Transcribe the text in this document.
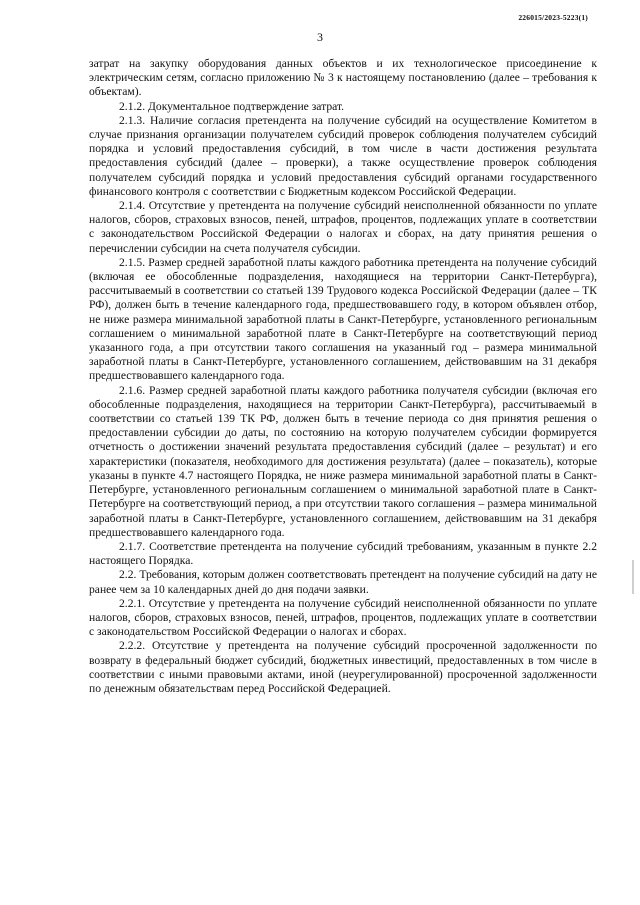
226015/2023-5223(1)
3

затрат на закупку оборудования данных объектов и их технологическое присоединение к электрическим сетям, согласно приложению № 3 к настоящему постановлению (далее – требования к объектам).

2.1.2. Документальное подтверждение затрат.

2.1.3. Наличие согласия претендента на получение субсидий на осуществление Комитетом в случае признания организации получателем субсидий проверок соблюдения получателем субсидий порядка и условий предоставления субсидий, в том числе в части достижения результата предоставления субсидий (далее – проверки), а также осуществление проверок соблюдения получателем субсидий порядка и условий предоставления субсидий органами государственного финансового контроля с соответствии с Бюджетным кодексом Российской Федерации.

2.1.4. Отсутствие у претендента на получение субсидий неисполненной обязанности по уплате налогов, сборов, страховых взносов, пеней, штрафов, процентов, подлежащих уплате в соответствии с законодательством Российской Федерации о налогах и сборах, на дату принятия решения о перечислении субсидии на счета получателя субсидии.

2.1.5. Размер средней заработной платы каждого работника претендента на получение субсидий (включая ее обособленные подразделения, находящиеся на территории Санкт-Петербурга), рассчитываемый в соответствии со статьей 139 Трудового кодекса Российской Федерации (далее – ТК РФ), должен быть в течение календарного года, предшествовавшего году, в котором объявлен отбор, не ниже размера минимальной заработной платы в Санкт-Петербурге, установленного региональным соглашением о минимальной заработной плате в Санкт-Петербурге на соответствующий период указанного года, а при отсутствии такого соглашения на указанный год – размера минимальной заработной платы в Санкт-Петербурге, установленного соглашением, действовавшим на 31 декабря предшествовавшего календарного года.

2.1.6. Размер средней заработной платы каждого работника получателя субсидии (включая его обособленные подразделения, находящиеся на территории Санкт-Петербурга), рассчитываемый в соответствии со статьей 139 ТК РФ, должен быть в течение периода со дня принятия решения о предоставлении субсидии до даты, по состоянию на которую получателем субсидии формируется отчетность о достижении значений результата предоставления субсидий (далее – результат) и его характеристики (показателя, необходимого для достижения результата) (далее – показатель), которые указаны в пункте 4.7 настоящего Порядка, не ниже размера минимальной заработной платы в Санкт-Петербурге, установленного региональным соглашением о минимальной заработной плате в Санкт-Петербурге на соответствующий период, а при отсутствии такого соглашения – размера минимальной заработной платы в Санкт-Петербурге, установленного соглашением, действовавшим на 31 декабря предшествовавшего календарного года.

2.1.7. Соответствие претендента на получение субсидий требованиям, указанным в пункте 2.2 настоящего Порядка.

2.2. Требования, которым должен соответствовать претендент на получение субсидий на дату не ранее чем за 10 календарных дней до дня подачи заявки.

2.2.1. Отсутствие у претендента на получение субсидий неисполненной обязанности по уплате налогов, сборов, страховых взносов, пеней, штрафов, процентов, подлежащих уплате в соответствии с законодательством Российской Федерации о налогах и сборах.

2.2.2. Отсутствие у претендента на получение субсидий просроченной задолженности по возврату в федеральный бюджет субсидий, бюджетных инвестиций, предоставленных в том числе в соответствии с иными правовыми актами, иной (неурегулированной) просроченной задолженности по денежным обязательствам перед Российской Федерацией.
